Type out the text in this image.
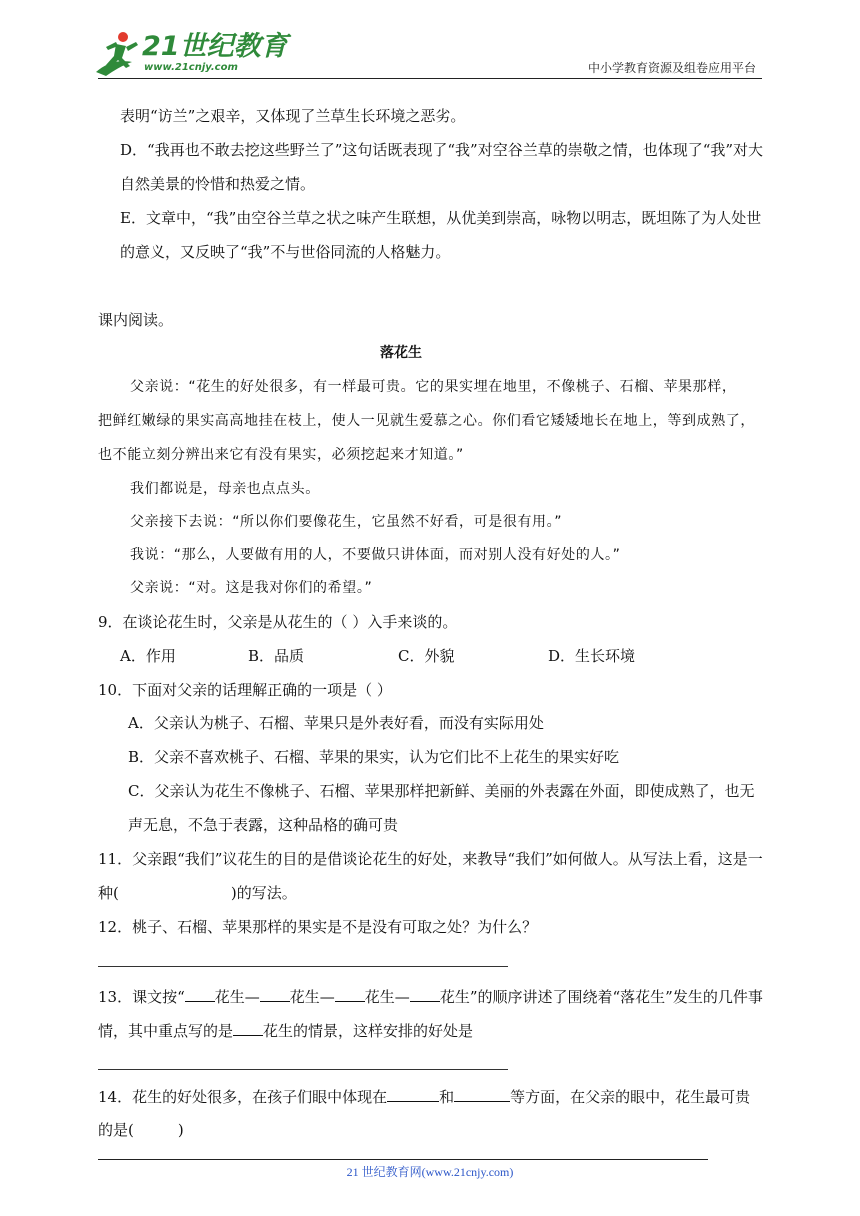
21世纪教育
www.21cnjy.com	中小学教育资源及组卷应用平台
表明“访兰”之艰辛，又体现了兰草生长环境之恶劣。
D．“我再也不敢去挖这些野兰了”这句话既表现了“我”对空谷兰草的崇敬之情，也体现了“我”对大
自然美景的怜惜和热爱之情。
E．文章中，“我”由空谷兰草之状之味产生联想，从优美到崇高，咏物以明志，既坦陈了为人处世
的意义，又反映了“我”不与世俗同流的人格魅力。
课内阅读。
落花生
父亲说：“花生的好处很多，有一样最可贵。它的果实埋在地里，不像桃子、石榴、苹果那样，
把鲜红嫩绿的果实高高地挂在枝上，使人一见就生爱慕之心。你们看它矮矮地长在地上，等到成熟了，
也不能立刻分辨出来它有没有果实，必须挖起来才知道。”
我们都说是，母亲也点点头。
父亲接下去说：“所以你们要像花生，它虽然不好看，可是很有用。”
我说：“那么，人要做有用的人，不要做只讲体面，而对别人没有好处的人。”
父亲说：“对。这是我对你们的希望。”
9．在谈论花生时，父亲是从花生的（ ）入手来谈的。
A．作用	B．品质	C．外貌	D．生长环境
10．下面对父亲的话理解正确的一项是（ ）
A．父亲认为桃子、石榴、苹果只是外表好看，而没有实际用处
B．父亲不喜欢桃子、石榴、苹果的果实，认为它们比不上花生的果实好吃
C．父亲认为花生不像桃子、石榴、苹果那样把新鲜、美丽的外表露在外面，即使成熟了，也无
声无息，不急于表露，这种品格的确可贵
11．父亲跟“我们”议花生的目的是借谈论花生的好处，来教导“我们”如何做人。从写法上看，这是一
种(	)的写法。
12．桃子、石榴、苹果那样的果实是不是没有可取之处？为什么？
13．课文按“ 花生— 花生— 花生— 花生”的顺序讲述了围绕着“落花生”发生的几件事
情，其中重点写的是 花生的情景，这样安排的好处是
14．花生的好处很多，在孩子们眼中体现在	和	等方面，在父亲的眼中，花生最可贵
的是(	)
21 世纪教育网(www.21cnjy.com)
